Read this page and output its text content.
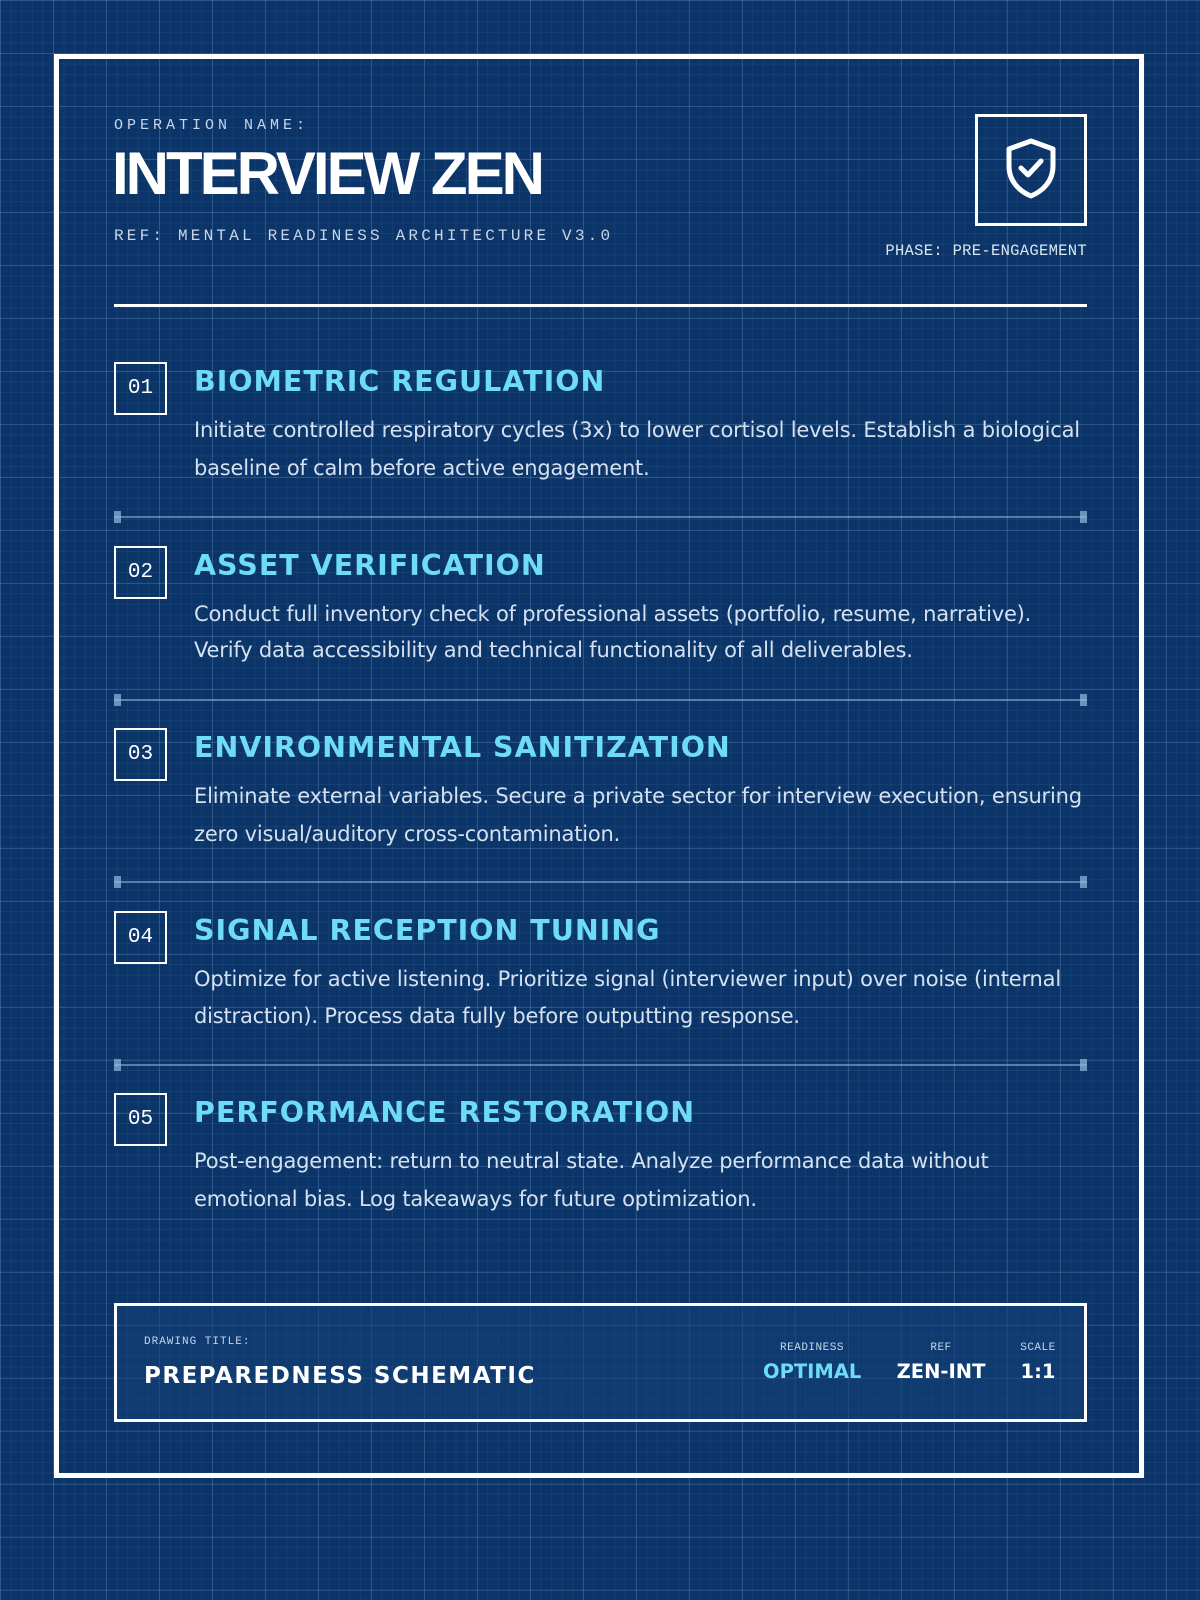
OPERATION NAME:
INTERVIEW ZEN
REF: MENTAL READINESS ARCHITECTURE V3.0
PHASE: PRE-ENGAGEMENT
01	BIOMETRIC REGULATION
Initiate controlled respiratory cycles (3x) to lower cortisol levels. Establish a biological baseline of calm before active engagement.
02	ASSET VERIFICATION
Conduct full inventory check of professional assets (portfolio, resume, narrative). Verify data accessibility and technical functionality of all deliverables.
03	ENVIRONMENTAL SANITIZATION
Eliminate external variables. Secure a private sector for interview execution, ensuring zero visual/auditory cross-contamination.
04	SIGNAL RECEPTION TUNING
Optimize for active listening. Prioritize signal (interviewer input) over noise (internal distraction). Process data fully before outputting response.
05	PERFORMANCE RESTORATION
Post-engagement: return to neutral state. Analyze performance data without emotional bias. Log takeaways for future optimization.
DRAWING TITLE:
PREPAREDNESS SCHEMATIC
READINESS
OPTIMAL
REF
ZEN-INT
SCALE
1:1
